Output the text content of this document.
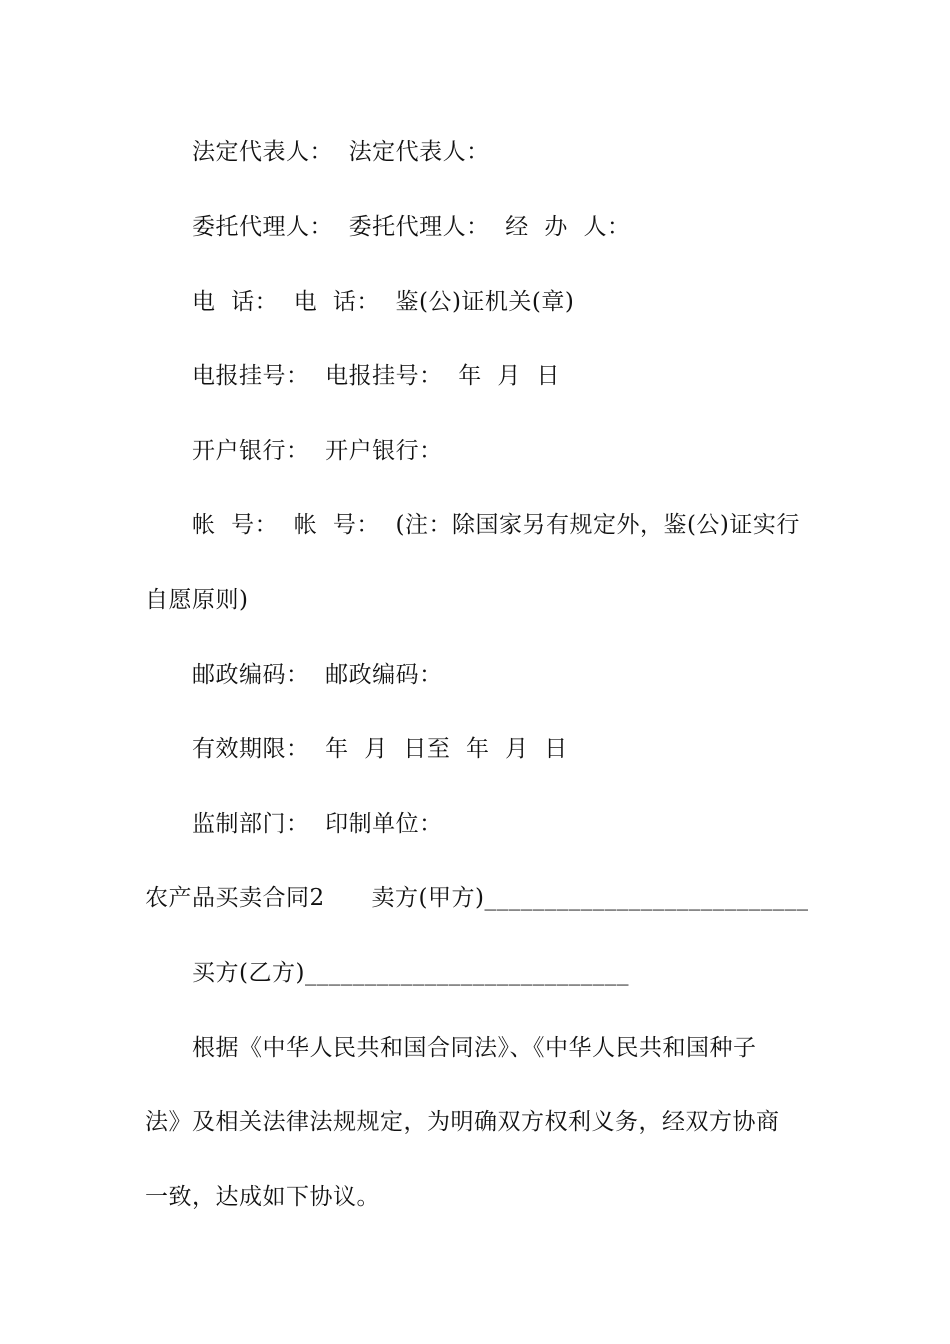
法定代表人：  法定代表人：
委托代理人：  委托代理人：  经  办  人：
电  话：  电  话：  鉴(公)证机关(章)
电报挂号：  电报挂号：  年  月  日
开户银行：  开户银行：
帐  号：  帐  号：  (注：除国家另有规定外，鉴(公)证实行
自愿原则)
邮政编码：  邮政编码：
有效期限：  年  月  日至  年  月  日
监制部门：  印制单位：
农产品买卖合同2      卖方(甲方)___________________________
买方(乙方)___________________________
根据《中华人民共和国合同法》、《中华人民共和国种子
法》及相关法律法规规定，为明确双方权利义务，经双方协商
一致，达成如下协议。
